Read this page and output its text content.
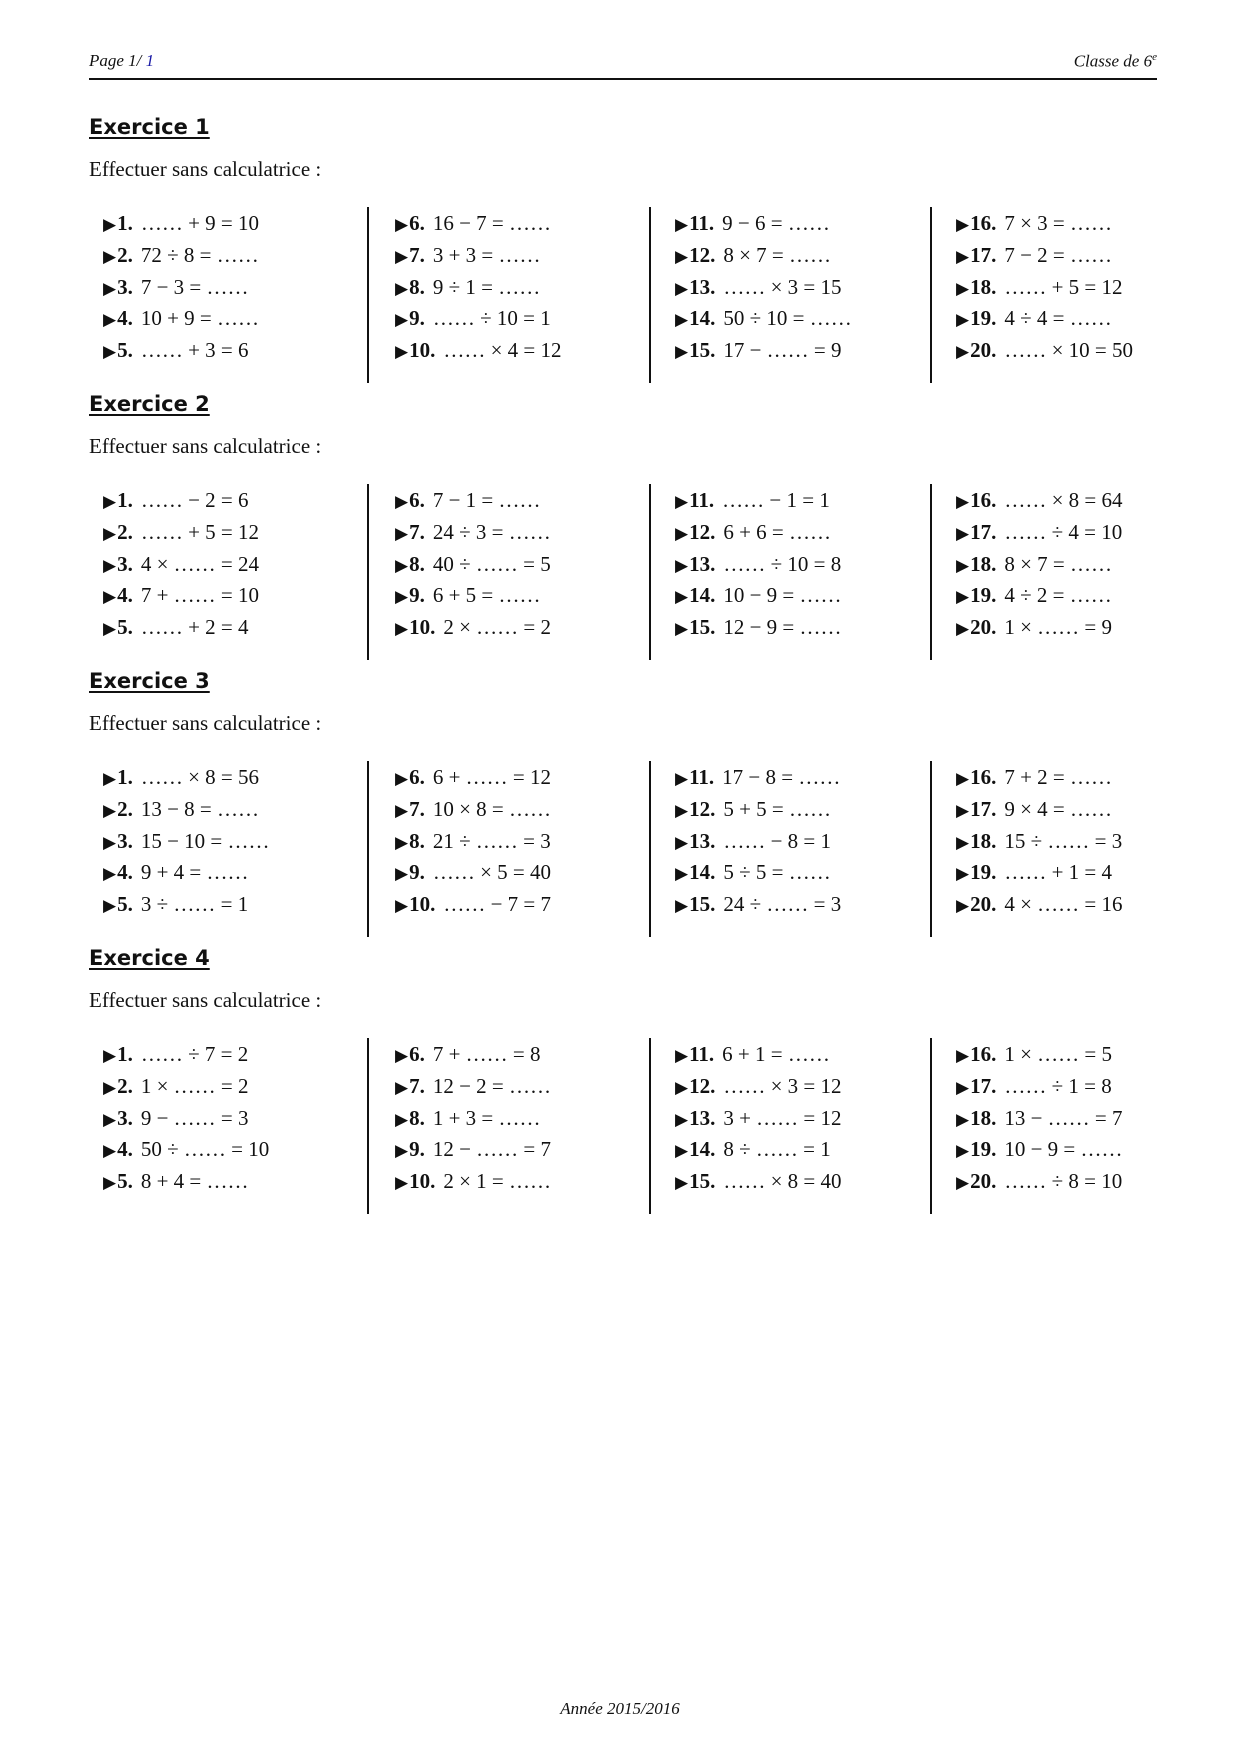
Page 1/ 1	Classe de 6e
Exercice 1
Effectuer sans calculatrice :
▶1. …… + 9 = 10
▶2. 72 ÷ 8 = ……
▶3. 7 − 3 = ……
▶4. 10 + 9 = ……
▶5. …… + 3 = 6
▶6. 16 − 7 = ……
▶7. 3 + 3 = ……
▶8. 9 ÷ 1 = ……
▶9. …… ÷ 10 = 1
▶10. …… × 4 = 12
▶11. 9 − 6 = ……
▶12. 8 × 7 = ……
▶13. …… × 3 = 15
▶14. 50 ÷ 10 = ……
▶15. 17 − …… = 9
▶16. 7 × 3 = ……
▶17. 7 − 2 = ……
▶18. …… + 5 = 12
▶19. 4 ÷ 4 = ……
▶20. …… × 10 = 50
Exercice 2
Effectuer sans calculatrice :
▶1. …… − 2 = 6
▶2. …… + 5 = 12
▶3. 4 × …… = 24
▶4. 7 + …… = 10
▶5. …… + 2 = 4
▶6. 7 − 1 = ……
▶7. 24 ÷ 3 = ……
▶8. 40 ÷ …… = 5
▶9. 6 + 5 = ……
▶10. 2 × …… = 2
▶11. …… − 1 = 1
▶12. 6 + 6 = ……
▶13. …… ÷ 10 = 8
▶14. 10 − 9 = ……
▶15. 12 − 9 = ……
▶16. …… × 8 = 64
▶17. …… ÷ 4 = 10
▶18. 8 × 7 = ……
▶19. 4 ÷ 2 = ……
▶20. 1 × …… = 9
Exercice 3
Effectuer sans calculatrice :
▶1. …… × 8 = 56
▶2. 13 − 8 = ……
▶3. 15 − 10 = ……
▶4. 9 + 4 = ……
▶5. 3 ÷ …… = 1
▶6. 6 + …… = 12
▶7. 10 × 8 = ……
▶8. 21 ÷ …… = 3
▶9. …… × 5 = 40
▶10. …… − 7 = 7
▶11. 17 − 8 = ……
▶12. 5 + 5 = ……
▶13. …… − 8 = 1
▶14. 5 ÷ 5 = ……
▶15. 24 ÷ …… = 3
▶16. 7 + 2 = ……
▶17. 9 × 4 = ……
▶18. 15 ÷ …… = 3
▶19. …… + 1 = 4
▶20. 4 × …… = 16
Exercice 4
Effectuer sans calculatrice :
▶1. …… ÷ 7 = 2
▶2. 1 × …… = 2
▶3. 9 − …… = 3
▶4. 50 ÷ …… = 10
▶5. 8 + 4 = ……
▶6. 7 + …… = 8
▶7. 12 − 2 = ……
▶8. 1 + 3 = ……
▶9. 12 − …… = 7
▶10. 2 × 1 = ……
▶11. 6 + 1 = ……
▶12. …… × 3 = 12
▶13. 3 + …… = 12
▶14. 8 ÷ …… = 1
▶15. …… × 8 = 40
▶16. 1 × …… = 5
▶17. …… ÷ 1 = 8
▶18. 13 − …… = 7
▶19. 10 − 9 = ……
▶20. …… ÷ 8 = 10
Année 2015/2016
